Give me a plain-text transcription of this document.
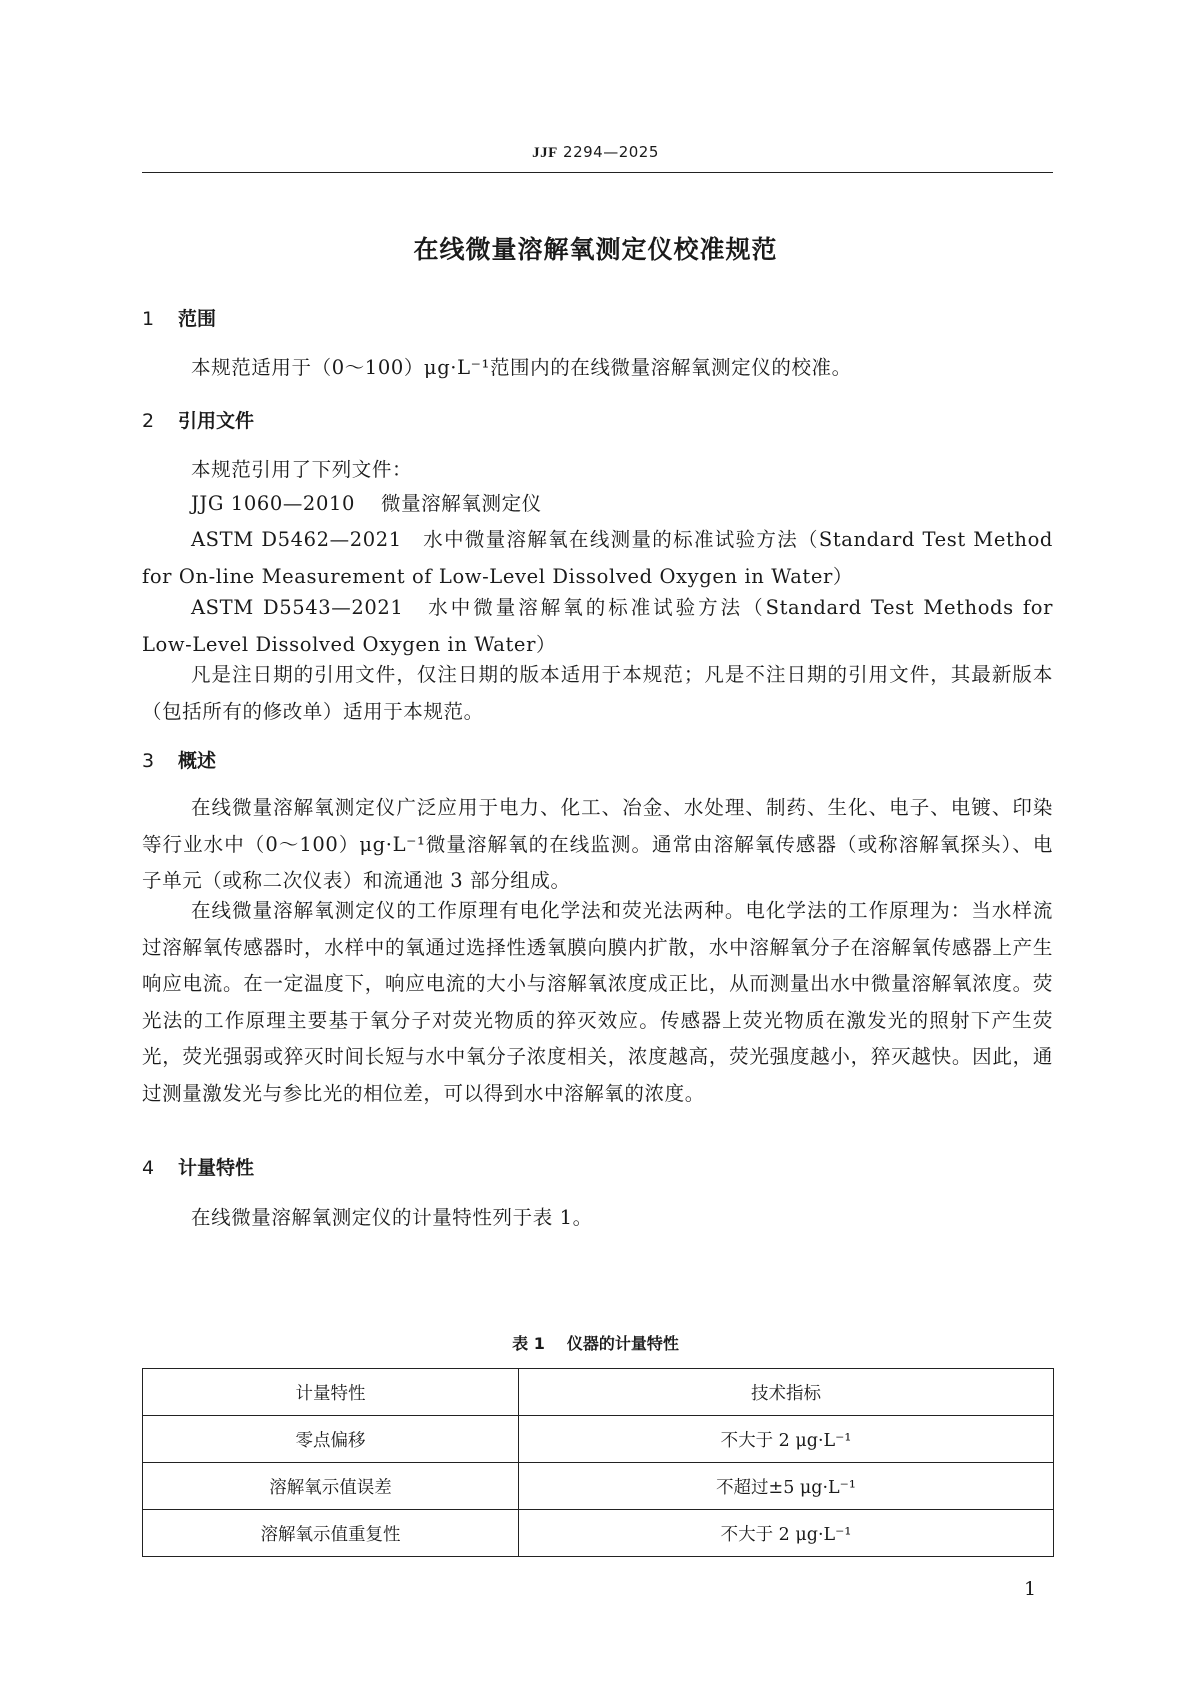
JJF 2294—2025
在线微量溶解氧测定仪校准规范
1 范围
本规范适用于（0～100）μg·L⁻¹范围内的在线微量溶解氧测定仪的校准。
2 引用文件
本规范引用了下列文件：
JJG 1060—2010 微量溶解氧测定仪
ASTM D5462—2021　水中微量溶解氧在线测量的标准试验方法（Standard Test Method for On-line Measurement of Low-Level Dissolved Oxygen in Water）
ASTM D5543—2021　水中微量溶解氧的标准试验方法（Standard Test Methods for Low-Level Dissolved Oxygen in Water）
凡是注日期的引用文件，仅注日期的版本适用于本规范；凡是不注日期的引用文件，其最新版本（包括所有的修改单）适用于本规范。
3 概述
在线微量溶解氧测定仪广泛应用于电力、化工、冶金、水处理、制药、生化、电子、电镀、印染等行业水中（0～100）μg·L⁻¹微量溶解氧的在线监测。通常由溶解氧传感器（或称溶解氧探头）、电子单元（或称二次仪表）和流通池 3 部分组成。
在线微量溶解氧测定仪的工作原理有电化学法和荧光法两种。电化学法的工作原理为：当水样流过溶解氧传感器时，水样中的氧通过选择性透氧膜向膜内扩散，水中溶解氧分子在溶解氧传感器上产生响应电流。在一定温度下，响应电流的大小与溶解氧浓度成正比，从而测量出水中微量溶解氧浓度。荧光法的工作原理主要基于氧分子对荧光物质的猝灭效应。传感器上荧光物质在激发光的照射下产生荧光，荧光强弱或猝灭时间长短与水中氧分子浓度相关，浓度越高，荧光强度越小，猝灭越快。因此，通过测量激发光与参比光的相位差，可以得到水中溶解氧的浓度。
4 计量特性
在线微量溶解氧测定仪的计量特性列于表 1。
表 1 仪器的计量特性
计量特性	技术指标
零点偏移	不大于 2 μg·L⁻¹
溶解氧示值误差	不超过±5 μg·L⁻¹
溶解氧示值重复性	不大于 2 μg·L⁻¹
1
